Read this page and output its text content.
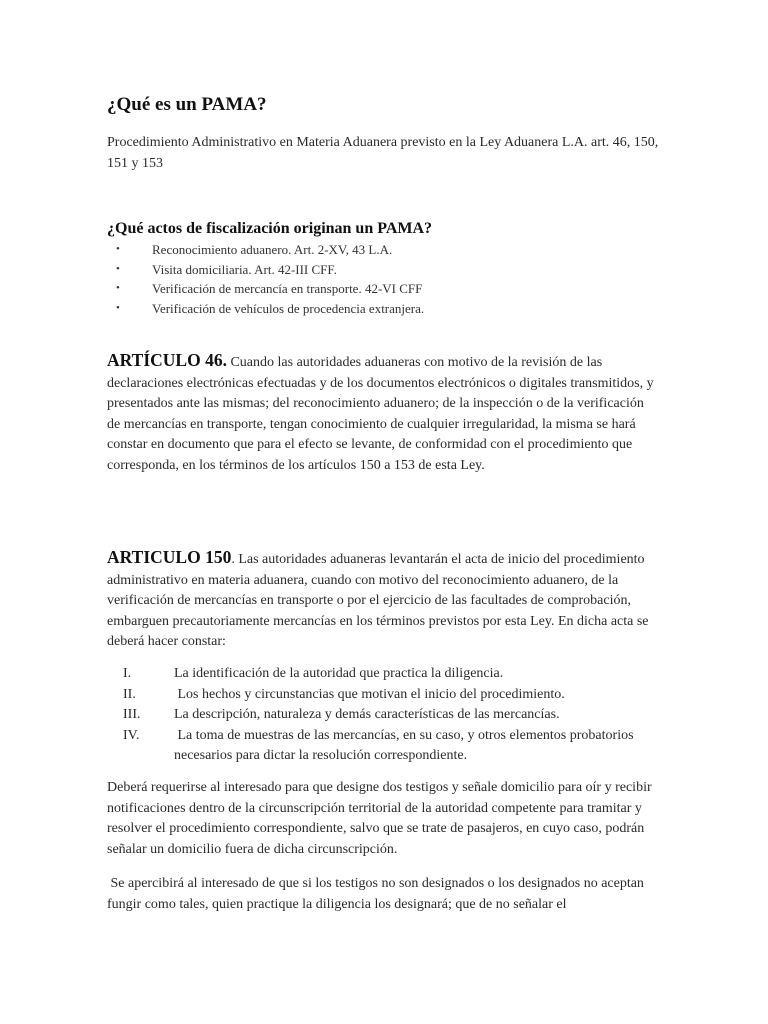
¿Qué es un PAMA?

Procedimiento Administrativo en Materia Aduanera previsto en la Ley Aduanera L.A. art. 46, 150, 151 y 153

¿Qué actos de fiscalización originan un PAMA?
• Reconocimiento aduanero. Art. 2-XV, 43 L.A.
• Visita domiciliaria. Art. 42-III CFF.
• Verificación de mercancía en transporte. 42-VI CFF
• Verificación de vehículos de procedencia extranjera.

ARTÍCULO 46. Cuando las autoridades aduaneras con motivo de la revisión de las declaraciones electrónicas efectuadas y de los documentos electrónicos o digitales transmitidos, y presentados ante las mismas; del reconocimiento aduanero; de la inspección o de la verificación de mercancías en transporte, tengan conocimiento de cualquier irregularidad, la misma se hará constar en documento que para el efecto se levante, de conformidad con el procedimiento que corresponda, en los términos de los artículos 150 a 153 de esta Ley.

ARTICULO 150. Las autoridades aduaneras levantarán el acta de inicio del procedimiento administrativo en materia aduanera, cuando con motivo del reconocimiento aduanero, de la verificación de mercancías en transporte o por el ejercicio de las facultades de comprobación, embarguen precautoriamente mercancías en los términos previstos por esta Ley. En dicha acta se deberá hacer constar:

I.	La identificación de la autoridad que practica la diligencia.
II.	Los hechos y circunstancias que motivan el inicio del procedimiento.
III. La descripción, naturaleza y demás características de las mercancías.
IV. La toma de muestras de las mercancías, en su caso, y otros elementos probatorios necesarios para dictar la resolución correspondiente.

Deberá requerirse al interesado para que designe dos testigos y señale domicilio para oír y recibir notificaciones dentro de la circunscripción territorial de la autoridad competente para tramitar y resolver el procedimiento correspondiente, salvo que se trate de pasajeros, en cuyo caso, podrán señalar un domicilio fuera de dicha circunscripción.

Se apercibirá al interesado de que si los testigos no son designados o los designados no aceptan fungir como tales, quien practique la diligencia los designará; que de no señalar el
